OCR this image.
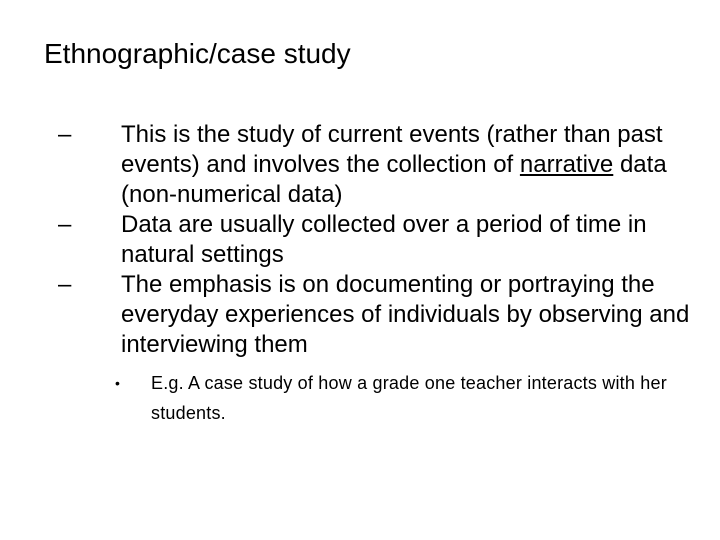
Ethnographic/case study
–	This is the study of current events (rather than past events) and involves the collection of narrative data (non-numerical data)
–	Data are usually collected over a period of time in natural settings
–	The emphasis is on documenting or portraying the everyday experiences of individuals by observing and interviewing them
• E.g. A case study of how a grade one teacher interacts with her students.
